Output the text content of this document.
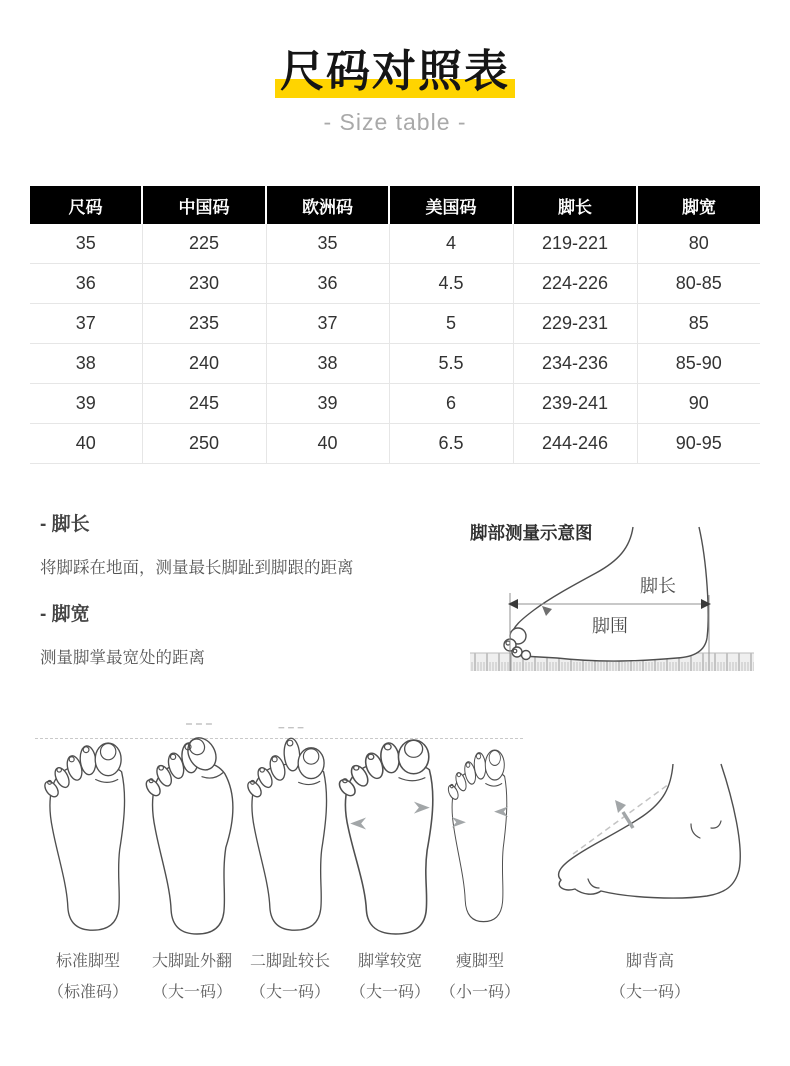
尺码对照表
- Size table -
尺码	中国码	欧洲码	美国码	脚长	脚宽
35	225	35	4	219-221	80
36	230	36	4.5	224-226	80-85
37	235	37	5	229-231	85
38	240	38	5.5	234-236	85-90
39	245	39	6	239-241	90
40	250	40	6.5	244-246	90-95
- 脚长

将脚踩在地面，测量最长脚趾到脚跟的距离

- 脚宽

测量脚掌最宽处的距离

脚部测量示意图
脚长
脚围
标准脚型
（标准码）
大脚趾外翻
（大一码）
二脚趾较长
（大一码）
脚掌较宽
（大一码）
瘦脚型
（小一码）
脚背高
（大一码）
